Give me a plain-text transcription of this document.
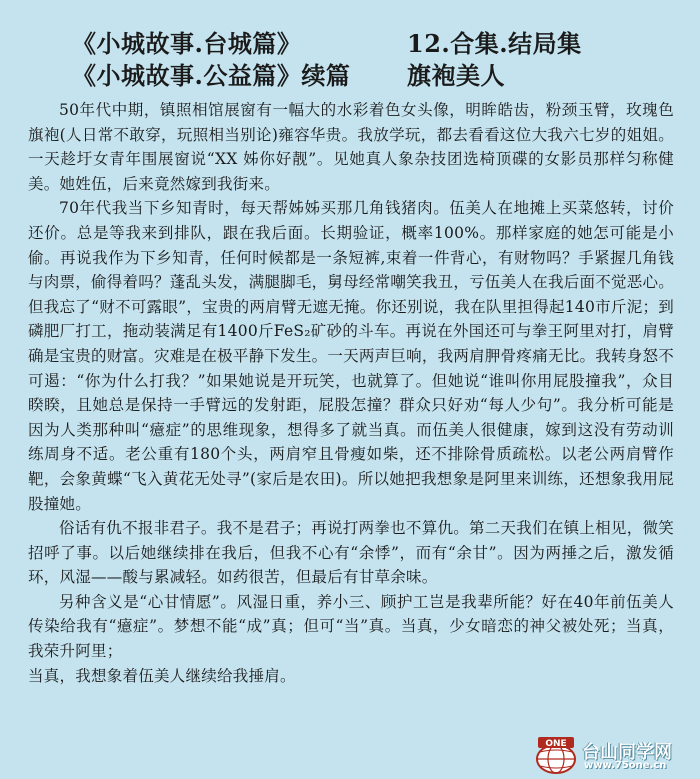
《小城故事.台城篇》	12.合集.结局集
《小城故事.公益篇》续篇	旗袍美人

50年代中期，镇照相馆展窗有一幅大的水彩着色女头像，明眸皓齿，粉颈玉臂，玫瑰色旗袍(人日常不敢穿，玩照相当别论)雍容华贵。我放学玩，都去看看这位大我六七岁的姐姐。一天趁圩女青年围展窗说“XX 姊你好靓”。见她真人象杂技团选椅顶碟的女影员那样匀称健美。她姓伍，后来竟然嫁到我街来。

70年代我当下乡知青时，每天帮姊姊买那几角钱猪肉。伍美人在地摊上买菜悠转，讨价还价。总是等我来到排队，跟在我后面。长期验证，概率100%。那样家庭的她怎可能是小偷。再说我作为下乡知青，任何时候都是一条短裤,束着一件背心，有财物吗？手紧握几角钱与肉票，偷得着吗？蓬乱头发，满腿脚毛，舅母经常嘲笑我丑，亏伍美人在我后面不觉恶心。但我忘了“财不可露眼”，宝贵的两肩臂无遮无掩。你还别说，我在队里担得起140市斤泥；到磷肥厂打工，拖动装满足有1400斤FeS₂矿砂的斗车。再说在外国还可与拳王阿里对打，肩臂确是宝贵的财富。灾难是在极平静下发生。一天两声巨响，我两肩胛骨疼痛无比。我转身怒不可遏：“你为什么打我？”如果她说是开玩笑，也就算了。但她说“谁叫你用屁股撞我”，众目睽睽，且她总是保持一手臂远的发射距，屁股怎撞？群众只好劝“每人少句”。我分析可能是因为人类那种叫“癔症”的思维现象，想得多了就当真。而伍美人很健康，嫁到这没有劳动训练周身不适。老公重有180个头，两肩窄且骨瘦如柴，还不排除骨质疏松。以老公两肩臂作靶，会象黄蝶“飞入黄花无处寻”(家后是农田)。所以她把我想象是阿里来训练，还想象我用屁股撞她。

俗话有仇不报非君子。我不是君子；再说打两拳也不算仇。第二天我们在镇上相见，微笑招呼了事。以后她继续排在我后，但我不心有“余悸”，而有“余甘”。因为两捶之后，激发循环，风湿——酸与累减轻。如药很苦，但最后有甘草余味。

另种含义是“心甘情愿”。风湿日重，养小三、顾护工岂是我辈所能？好在40年前伍美人传染给我有“癔症”。梦想不能“成”真；但可“当”真。当真，少女暗恋的神父被处死；当真，我荣升阿里；

当真，我想象着伍美人继续给我捶肩。

ONE 台山同学网
www.75one.cn
